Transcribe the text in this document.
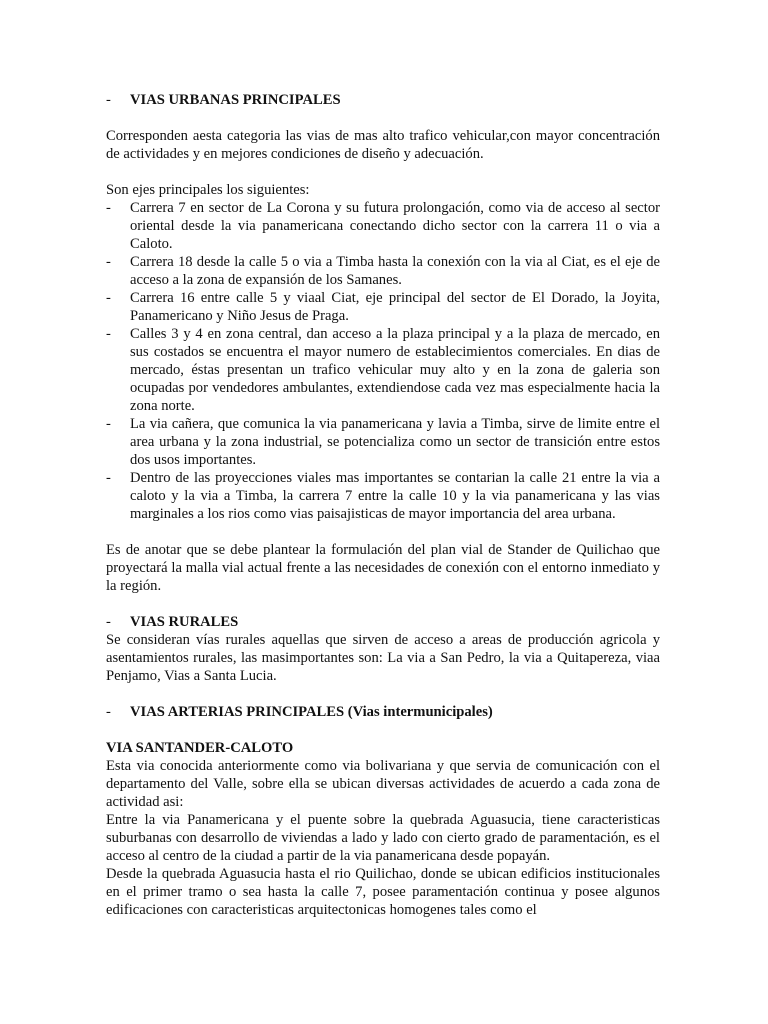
-	VIAS URBANAS PRINCIPALES

Corresponden aesta categoria las vias de mas alto trafico vehicular,con mayor concentración de actividades y en mejores condiciones de diseño y adecuación.

Son ejes principales los siguientes:

-	Carrera 7 en sector de La Corona y su futura prolongación, como via de acceso al sector oriental desde la via panamericana conectando dicho sector con la carrera 11 o via a Caloto.
-	Carrera 18 desde la calle 5 o via a Timba hasta la conexión con la via al Ciat, es el eje de acceso a la zona de expansión de los Samanes.
-	Carrera 16 entre calle 5 y viaal Ciat, eje principal del sector de El Dorado, la Joyita, Panamericano y Niño Jesus de Praga.
-	Calles 3 y 4 en zona central, dan acceso a la plaza principal y a la plaza de mercado, en sus costados se encuentra el mayor numero de establecimientos comerciales. En dias de mercado, éstas presentan un trafico vehicular muy alto y en la zona de galeria son ocupadas por vendedores ambulantes, extendiendose cada vez mas especialmente hacia la zona norte.
-	La via cañera, que comunica la via panamericana y lavia a Timba, sirve de limite entre el area urbana y la zona industrial, se potencializa como un sector de transición entre estos dos usos importantes.
-	Dentro de las proyecciones viales mas importantes se contarian la calle 21 entre la via a caloto y la via a Timba, la carrera 7 entre la calle 10 y la via panamericana y las vias marginales a los rios como vias paisajisticas de mayor importancia del area urbana.

Es de anotar que se debe plantear la formulación del plan vial de Stander de Quilichao que proyectará la malla vial actual frente a las necesidades de conexión con el entorno inmediato y la región.

-	VIAS RURALES

Se consideran vías rurales aquellas que sirven de acceso a areas de producción agricola y asentamientos rurales, las masimportantes son: La via a San Pedro, la via a Quitapereza, viaa Penjamo, Vias a Santa Lucia.

-	VIAS ARTERIAS PRINCIPALES (Vias intermunicipales)
VIA SANTANDER-CALOTO

Esta via conocida anteriormente como via bolivariana y que servia de comunicación con el departamento del Valle, sobre ella se ubican diversas actividades de acuerdo a cada zona de actividad asi:

Entre la via Panamericana y el puente sobre la quebrada Aguasucia, tiene caracteristicas suburbanas con desarrollo de viviendas a lado y lado con cierto grado de paramentación, es el acceso al centro de la ciudad a partir de la via panamericana desde popayán.

Desde la quebrada Aguasucia hasta el rio Quilichao, donde se ubican edificios institucionales en el primer tramo o sea hasta la calle 7, posee paramentación continua y posee algunos edificaciones con caracteristicas arquitectonicas homogenes tales como el
